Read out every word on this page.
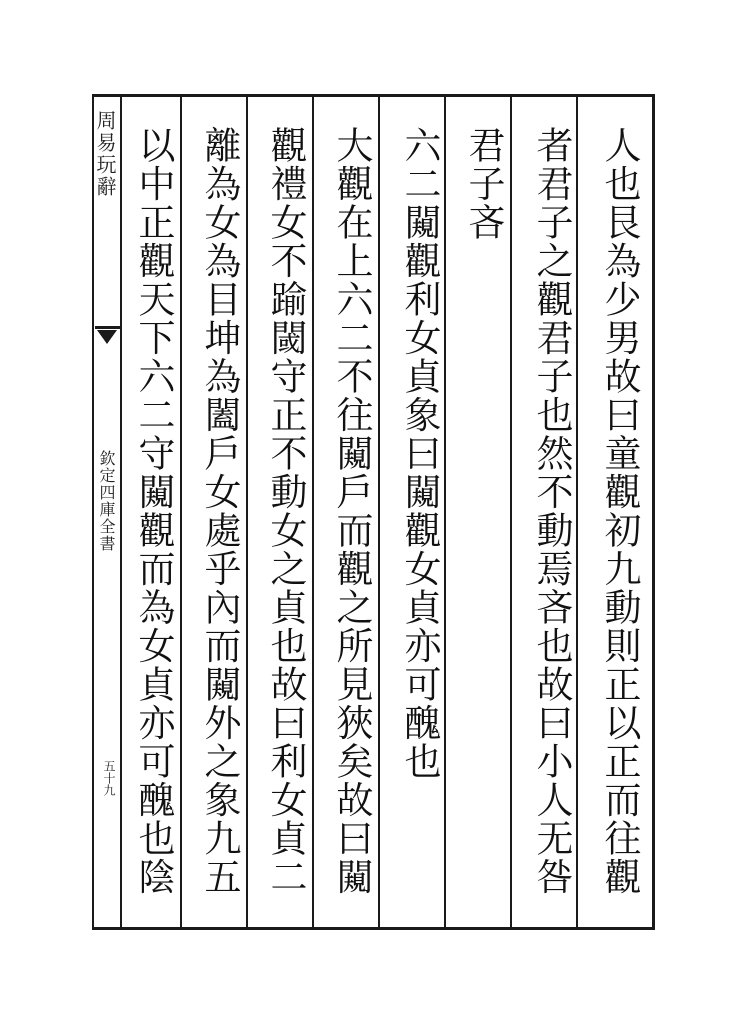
周易玩辭
欽定四庫全書
五十九	人也艮為少男故曰童觀初九動則正以正而往觀
者君子之觀君子也然不動焉吝也故曰小人无咎
君子吝
六二闚觀利女貞象曰闚觀女貞亦可醜也
大觀在上六二不往闚戶而觀之所見狹矣故曰闚
觀禮女不踰閾守正不動女之貞也故曰利女貞二
離為女為目坤為闔戶女處乎內而闚外之象九五
以中正觀天下六二守闚觀而為女貞亦可醜也陰
